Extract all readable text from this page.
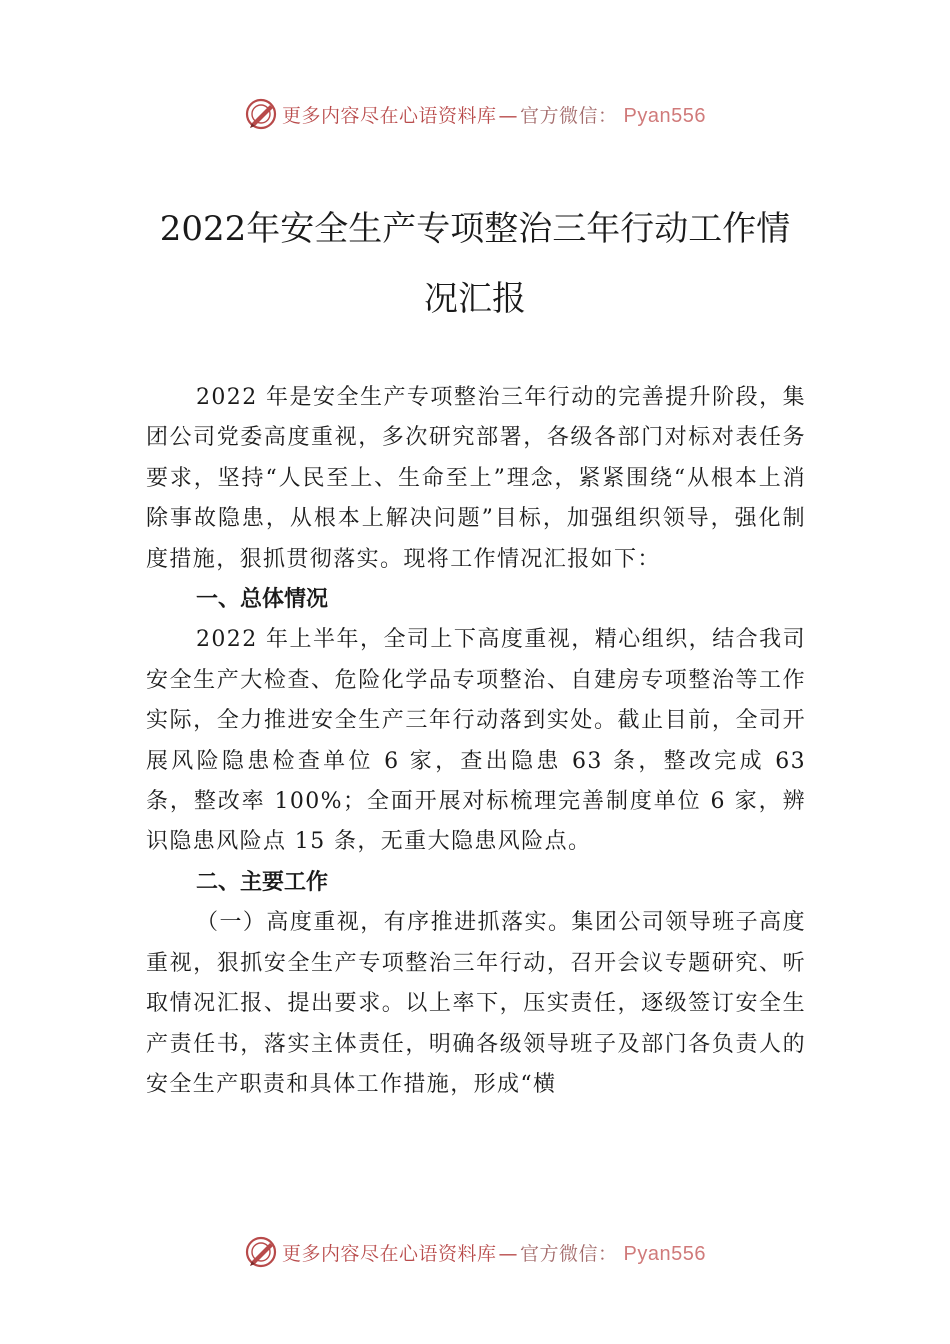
更多内容尽在心语资料库 — 官方微信： Pyan556
2022年安全生产专项整治三年行动工作情
况汇报

2022 年是安全生产专项整治三年行动的完善提升阶段，集团公司党委高度重视，多次研究部署，各级各部门对标对表任务要求，坚持“人民至上、生命至上”理念，紧紧围绕“从根本上消除事故隐患，从根本上解决问题”目标，加强组织领导，强化制度措施，狠抓贯彻落实。现将工作情况汇报如下：

一、总体情况

2022 年上半年，全司上下高度重视，精心组织，结合我司安全生产大检查、危险化学品专项整治、自建房专项整治等工作实际，全力推进安全生产三年行动落到实处。截止目前，全司开展风险隐患检查单位 6 家，查出隐患 63 条，整改完成 63 条，整改率 100%；全面开展对标梳理完善制度单位 6 家，辨识隐患风险点 15 条，无重大隐患风险点。

二、主要工作

（一）高度重视，有序推进抓落实。集团公司领导班子高度重视，狠抓安全生产专项整治三年行动，召开会议专题研究、听取情况汇报、提出要求。以上率下，压实责任，逐级签订安全生产责任书，落实主体责任，明确各级领导班子及部门各负责人的安全生产职责和具体工作措施，形成“横

更多内容尽在心语资料库 — 官方微信： Pyan556
